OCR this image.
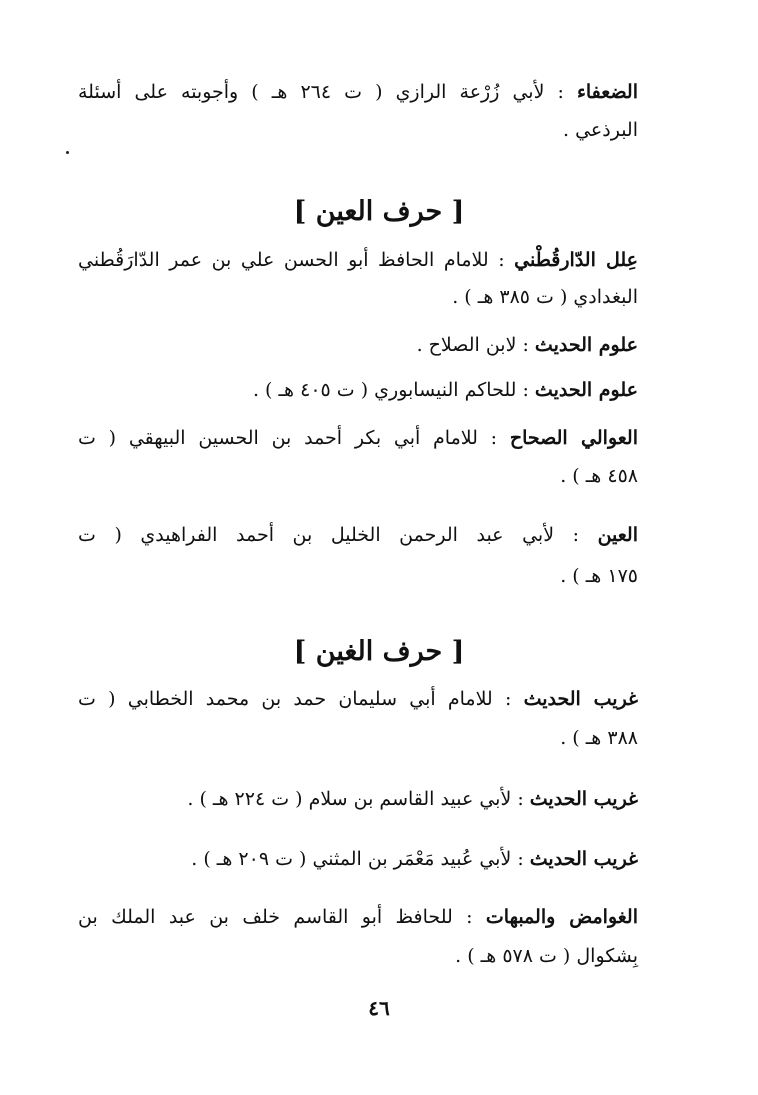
الضعفاء : لأبي زُرْعة الرازي ( ت ٢٦٤ هـ ) وأجوبته على أسئلة
البرذعي .
[ حرف العين ]
عِلل الدّارقُطْني : للامام الحافظ أبو الحسن علي بن عمر الدّارَقُطني
البغدادي ( ت ٣٨٥ هـ ) .
علوم الحديث : لابن الصلاح .
علوم الحديث : للحاكم النيسابوري ( ت ٤٠٥ هـ ) .
العوالي الصحاح : للامام أبي بكر أحمد بن الحسين البيهقي ( ت
٤٥٨ هـ ) .
العين : لأبي عبد الرحمن الخليل بن أحمد الفراهيدي ( ت
١٧٥ هـ ) .
[ حرف الغين ]
غريب الحديث : للامام أبي سليمان حمد بن محمد الخطابي ( ت
٣٨٨ هـ ) .
غريب الحديث : لأبي عبيد القاسم بن سلام ( ت ٢٢٤ هـ ) .
غريب الحديث : لأبي عُبيد مَعْمَر بن المثني ( ت ٢٠٩ هـ ) .
الغوامض والمبهات : للحافظ أبو القاسم خلف بن عبد الملك بن
بِشكوال ( ت ٥٧٨ هـ ) .
٤٦
